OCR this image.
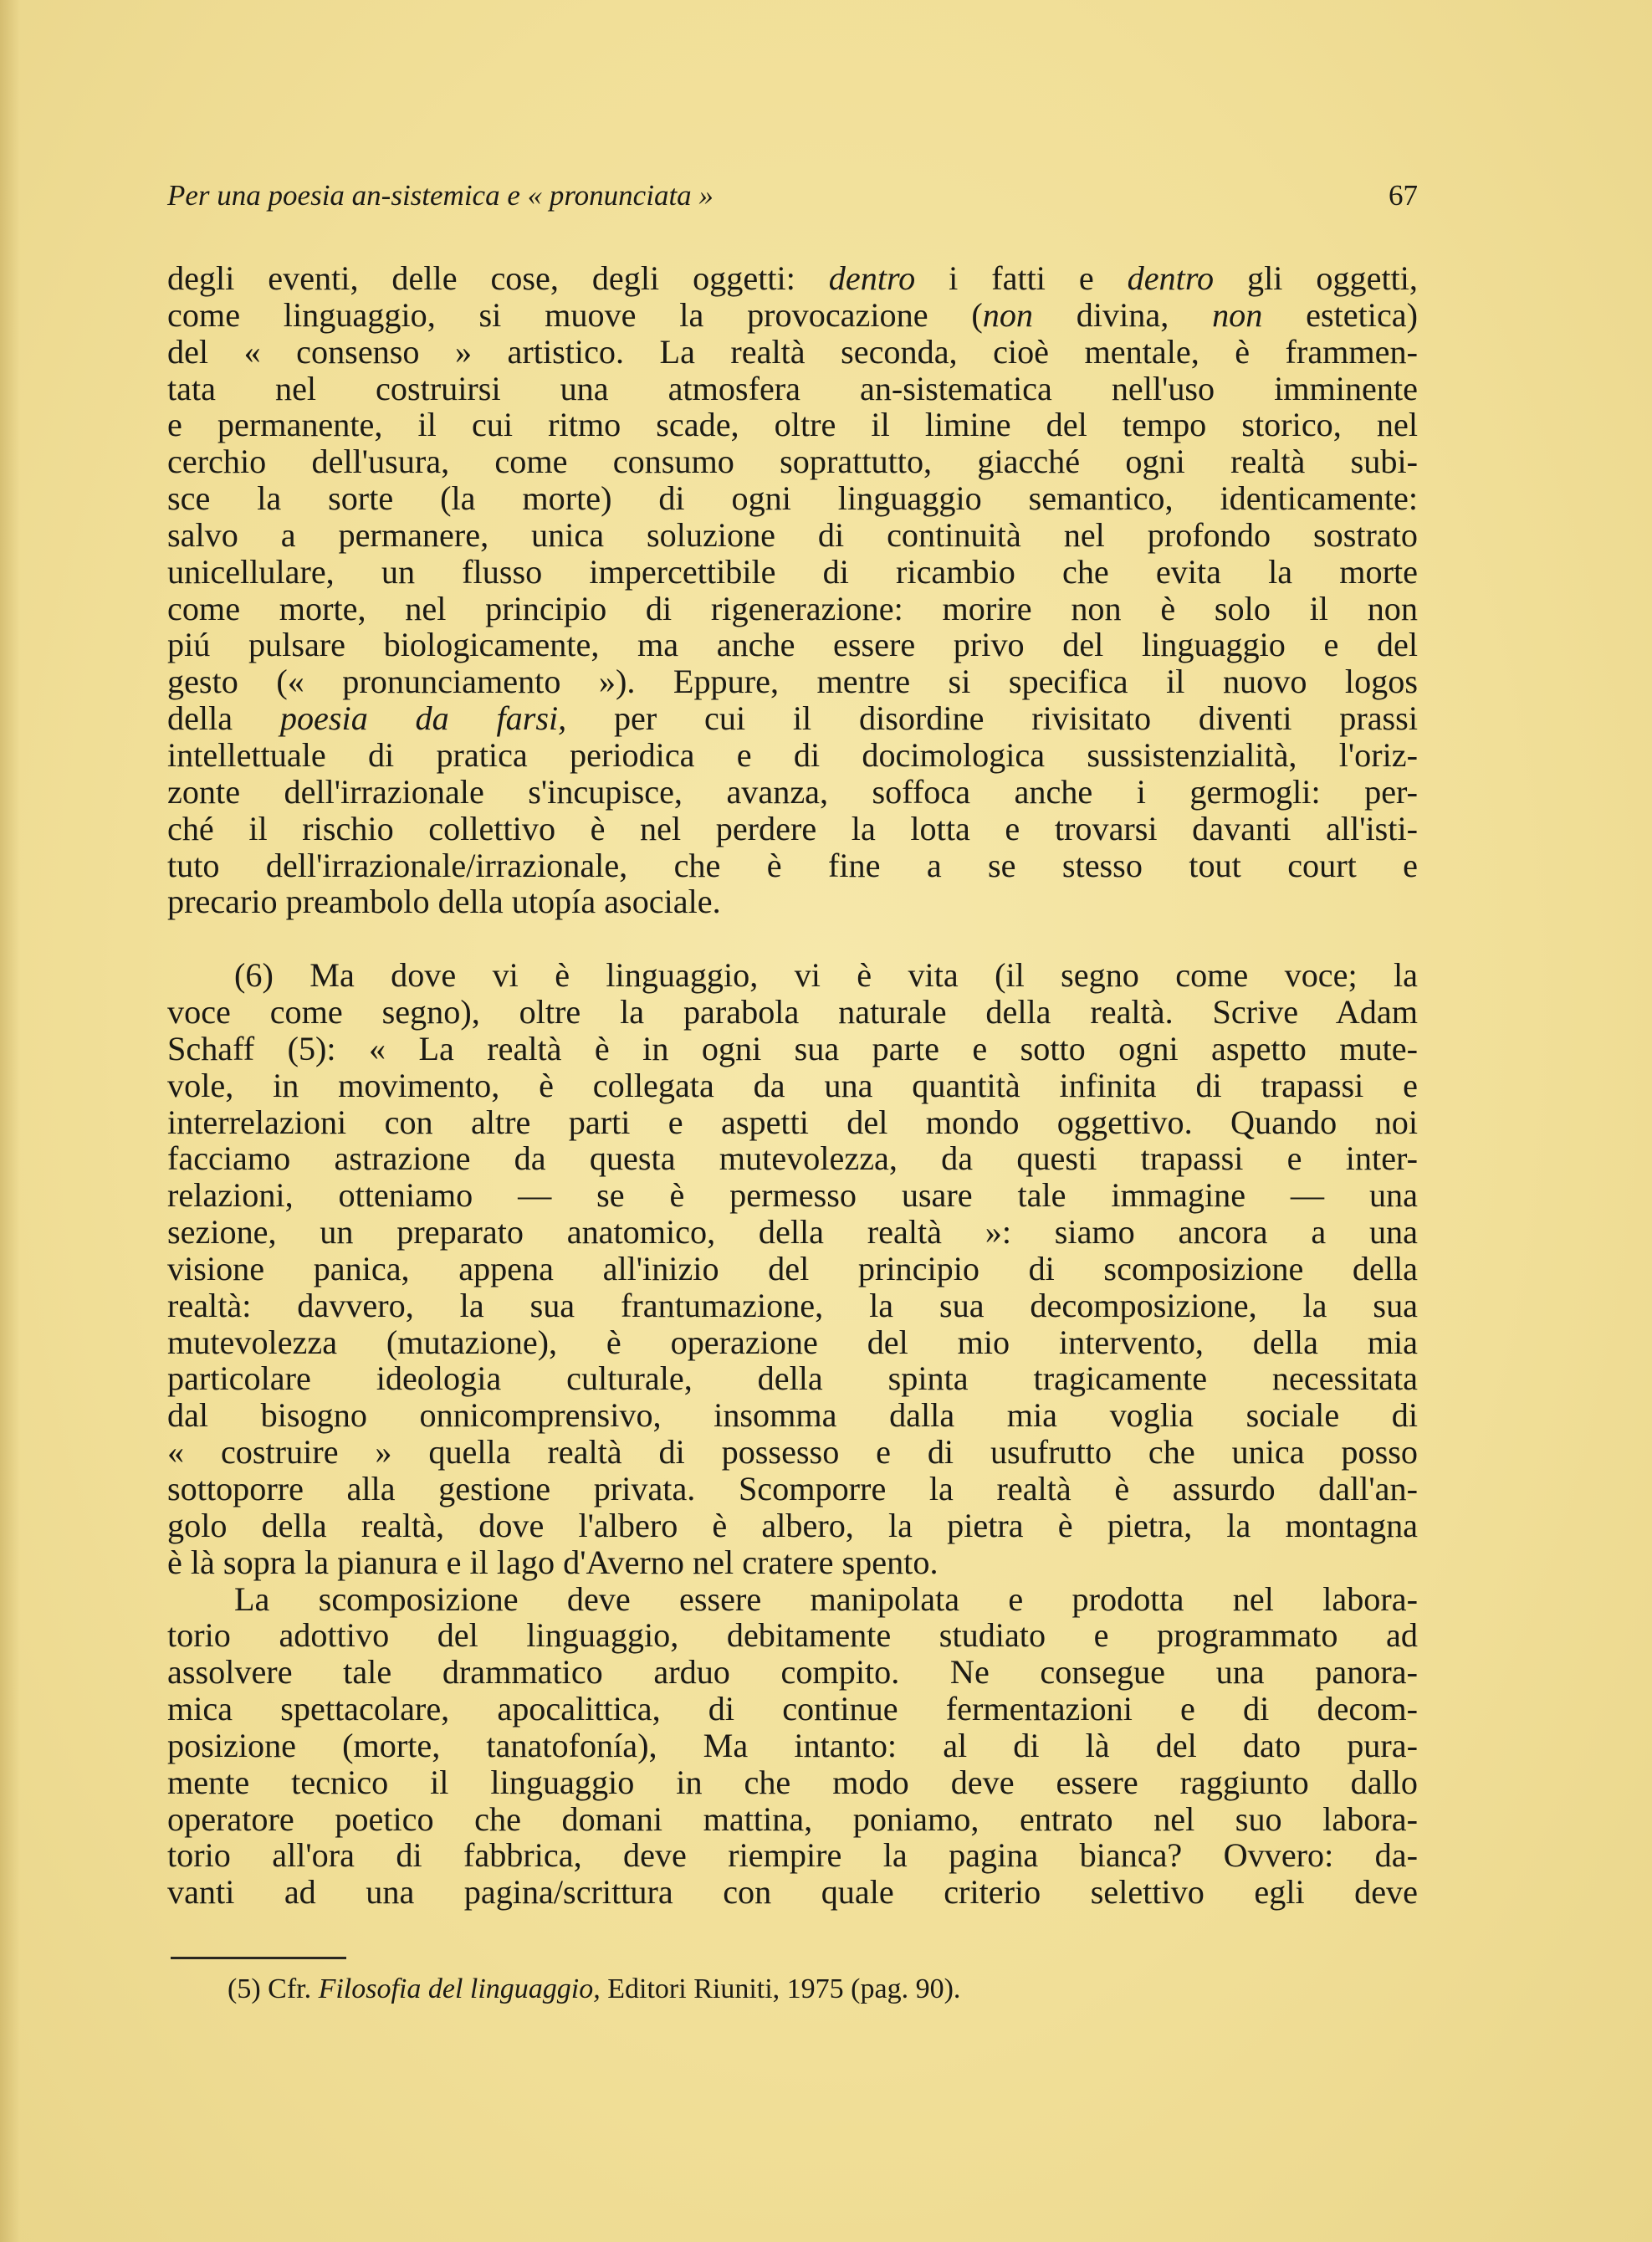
Per una poesia an-sistemica e « pronunciata »	67
degli eventi, delle cose, degli oggetti: dentro i fatti e dentro gli oggetti,
come linguaggio, si muove la provocazione (non divina, non estetica)
del « consenso » artistico. La realtà seconda, cioè mentale, è frammen-
tata nel costruirsi una atmosfera an-sistematica nell'uso imminente
e permanente, il cui ritmo scade, oltre il limine del tempo storico, nel
cerchio dell'usura, come consumo soprattutto, giacché ogni realtà subi-
sce la sorte (la morte) di ogni linguaggio semantico, identicamente:
salvo a permanere, unica soluzione di continuità nel profondo sostrato
unicellulare, un flusso impercettibile di ricambio che evita la morte
come morte, nel principio di rigenerazione: morire non è solo il non
piú pulsare biologicamente, ma anche essere privo del linguaggio e del
gesto (« pronunciamento »). Eppure, mentre si specifica il nuovo logos
della poesia da farsi, per cui il disordine rivisitato diventi prassi
intellettuale di pratica periodica e di docimologica sussistenzialità, l'oriz-
zonte dell'irrazionale s'incupisce, avanza, soffoca anche i germogli: per-
ché il rischio collettivo è nel perdere la lotta e trovarsi davanti all'isti-
tuto dell'irrazionale/irrazionale, che è fine a se stesso tout court e
precario preambolo della utopía asociale.
(6) Ma dove vi è linguaggio, vi è vita (il segno come voce; la
voce come segno), oltre la parabola naturale della realtà. Scrive Adam
Schaff (5): « La realtà è in ogni sua parte e sotto ogni aspetto mute-
vole, in movimento, è collegata da una quantità infinita di trapassi e
interrelazioni con altre parti e aspetti del mondo oggettivo. Quando noi
facciamo astrazione da questa mutevolezza, da questi trapassi e inter-
relazioni, otteniamo — se è permesso usare tale immagine — una
sezione, un preparato anatomico, della realtà »: siamo ancora a una
visione panica, appena all'inizio del principio di scomposizione della
realtà: davvero, la sua frantumazione, la sua decomposizione, la sua
mutevolezza (mutazione), è operazione del mio intervento, della mia
particolare ideologia culturale, della spinta tragicamente necessitata
dal bisogno onnicomprensivo, insomma dalla mia voglia sociale di
« costruire » quella realtà di possesso e di usufrutto che unica posso
sottoporre alla gestione privata. Scomporre la realtà è assurdo dall'an-
golo della realtà, dove l'albero è albero, la pietra è pietra, la montagna
è là sopra la pianura e il lago d'Averno nel cratere spento.
La scomposizione deve essere manipolata e prodotta nel labora-
torio adottivo del linguaggio, debitamente studiato e programmato ad
assolvere tale drammatico arduo compito. Ne consegue una panora-
mica spettacolare, apocalittica, di continue fermentazioni e di decom-
posizione (morte, tanatofonía), Ma intanto: al di là del dato pura-
mente tecnico il linguaggio in che modo deve essere raggiunto dallo
operatore poetico che domani mattina, poniamo, entrato nel suo labora-
torio all'ora di fabbrica, deve riempire la pagina bianca? Ovvero: da-
vanti ad una pagina/scrittura con quale criterio selettivo egli deve
(5) Cfr. Filosofia del linguaggio, Editori Riuniti, 1975 (pag. 90).
